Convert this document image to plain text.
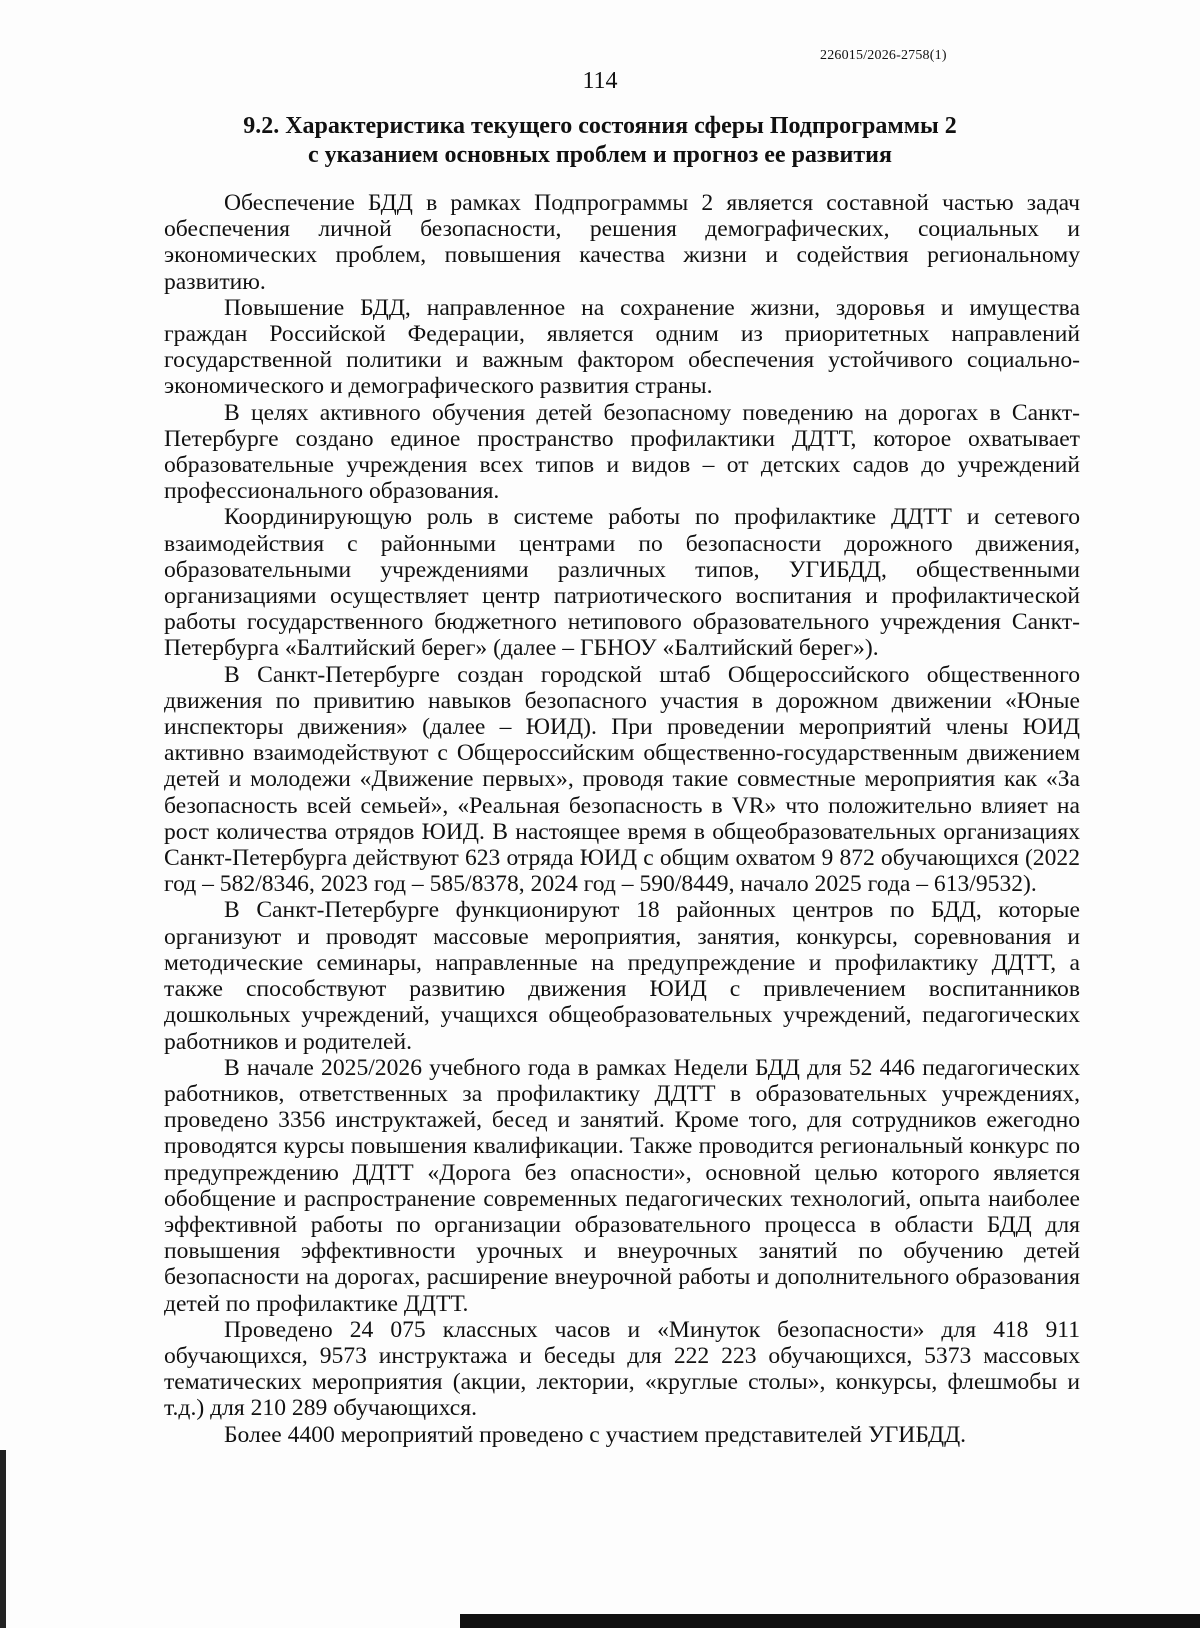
226015/2026-2758(1)
114
9.2. Характеристика текущего состояния сферы Подпрограммы 2
с указанием основных проблем и прогноз ее развития

Обеспечение БДД в рамках Подпрограммы 2 является составной частью задач обеспечения личной безопасности, решения демографических, социальных и экономических проблем, повышения качества жизни и содействия региональному развитию.

Повышение БДД, направленное на сохранение жизни, здоровья и имущества граждан Российской Федерации, является одним из приоритетных направлений государственной политики и важным фактором обеспечения устойчивого социально-экономического и демографического развития страны.

В целях активного обучения детей безопасному поведению на дорогах в Санкт-Петербурге создано единое пространство профилактики ДДТТ, которое охватывает образовательные учреждения всех типов и видов – от детских садов до учреждений профессионального образования.

Координирующую роль в системе работы по профилактике ДДТТ и сетевого взаимодействия с районными центрами по безопасности дорожного движения, образовательными учреждениями различных типов, УГИБДД, общественными организациями осуществляет центр патриотического воспитания и профилактической работы государственного бюджетного нетипового образовательного учреждения Санкт-Петербурга «Балтийский берег» (далее – ГБНОУ «Балтийский берег»).

В Санкт-Петербурге создан городской штаб Общероссийского общественного движения по привитию навыков безопасного участия в дорожном движении «Юные инспекторы движения» (далее – ЮИД). При проведении мероприятий члены ЮИД активно взаимодействуют с Общероссийским общественно-государственным движением детей и молодежи «Движение первых», проводя такие совместные мероприятия как «За безопасность всей семьей», «Реальная безопасность в VR» что положительно влияет на рост количества отрядов ЮИД. В настоящее время в общеобразовательных организациях Санкт-Петербурга действуют 623 отряда ЮИД с общим охватом 9 872 обучающихся (2022 год – 582/8346, 2023 год – 585/8378, 2024 год – 590/8449, начало 2025 года – 613/9532).

В Санкт-Петербурге функционируют 18 районных центров по БДД, которые организуют и проводят массовые мероприятия, занятия, конкурсы, соревнования и методические семинары, направленные на предупреждение и профилактику ДДТТ, а также способствуют развитию движения ЮИД с привлечением воспитанников дошкольных учреждений, учащихся общеобразовательных учреждений, педагогических работников и родителей.

В начале 2025/2026 учебного года в рамках Недели БДД для 52 446 педагогических работников, ответственных за профилактику ДДТТ в образовательных учреждениях, проведено 3356 инструктажей, бесед и занятий. Кроме того, для сотрудников ежегодно проводятся курсы повышения квалификации. Также проводится региональный конкурс по предупреждению ДДТТ «Дорога без опасности», основной целью которого является обобщение и распространение современных педагогических технологий, опыта наиболее эффективной работы по организации образовательного процесса в области БДД для повышения эффективности урочных и внеурочных занятий по обучению детей безопасности на дорогах, расширение внеурочной работы и дополнительного образования детей по профилактике ДДТТ.

Проведено 24 075 классных часов и «Минуток безопасности» для 418 911 обучающихся, 9573 инструктажа и беседы для 222 223 обучающихся, 5373 массовых тематических мероприятия (акции, лектории, «круглые столы», конкурсы, флешмобы и т.д.) для 210 289 обучающихся.

Более 4400 мероприятий проведено с участием представителей УГИБДД.
